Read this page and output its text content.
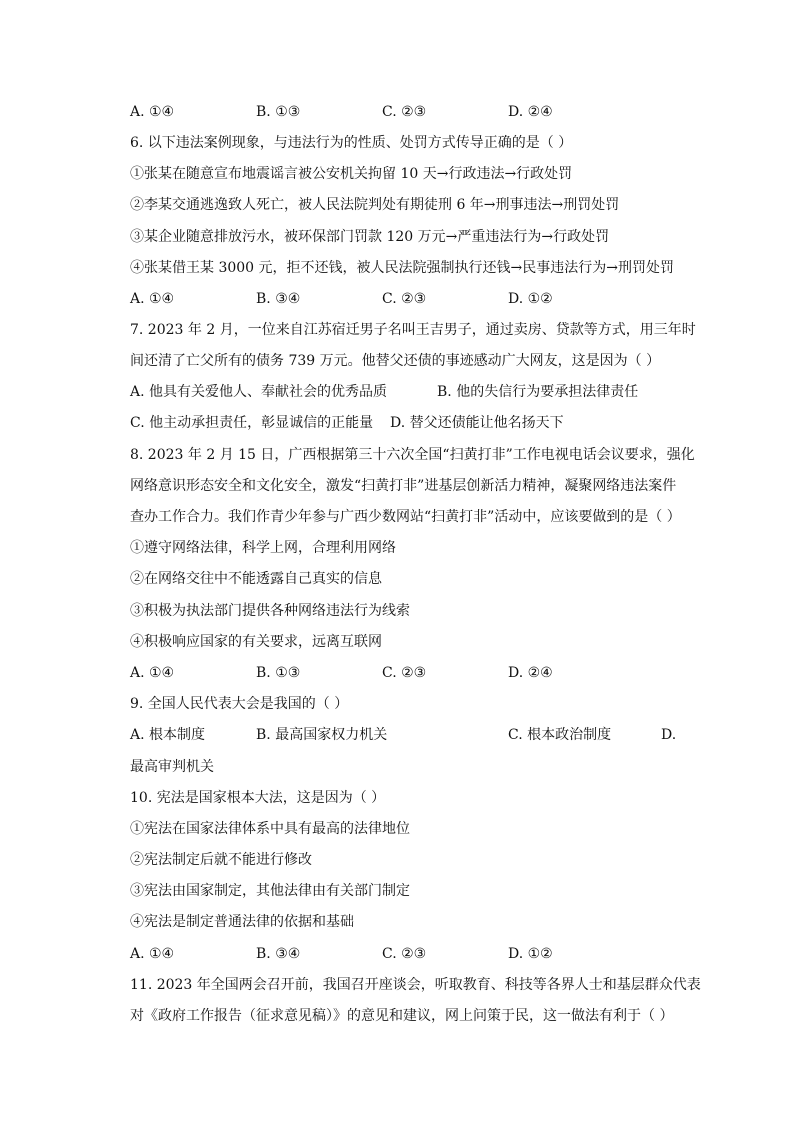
A. ①④	B. ①③	C. ②③	D. ②④
6. 以下违法案例现象，与违法行为的性质、处罚方式传导正确的是（ ）
①张某在随意宣布地震谣言被公安机关拘留 10 天→行政违法→行政处罚
②李某交通逃逸致人死亡，被人民法院判处有期徒刑 6 年→刑事违法→刑罚处罚
③某企业随意排放污水，被环保部门罚款 120 万元→严重违法行为→行政处罚
④张某借王某 3000 元，拒不还钱，被人民法院强制执行还钱→民事违法行为→刑罚处罚
A. ①④	B. ③④	C. ②③	D. ①②
7. 2023 年 2 月，一位来自江苏宿迁男子名叫王吉男子，通过卖房、贷款等方式，用三年时
间还清了亡父所有的债务 739 万元。他替父还债的事迹感动广大网友，这是因为（ ）
A. 他具有关爱他人、奉献社会的优秀品质	B. 他的失信行为要承担法律责任
C. 他主动承担责任，彰显诚信的正能量 D. 替父还债能让他名扬天下
8. 2023 年 2 月 15 日，广西根据第三十六次全国“扫黄打非”工作电视电话会议要求，强化
网络意识形态安全和文化安全，激发“扫黄打非”进基层创新活力精神，凝聚网络违法案件
查办工作合力。我们作青少年参与广西少数网站“扫黄打非”活动中，应该要做到的是（ ）
①遵守网络法律，科学上网，合理利用网络
②在网络交往中不能透露自己真实的信息
③积极为执法部门提供各种网络违法行为线索
④积极响应国家的有关要求，远离互联网
A. ①④	B. ①③	C. ②③	D. ②④
9. 全国人民代表大会是我国的（ ）
A. 根本制度	B. 最高国家权力机关	C. 根本政治制度	D.
最高审判机关
10. 宪法是国家根本大法，这是因为（ ）
①宪法在国家法律体系中具有最高的法律地位
②宪法制定后就不能进行修改
③宪法由国家制定，其他法律由有关部门制定
④宪法是制定普通法律的依据和基础
A. ①④	B. ③④	C. ②③	D. ①②
11. 2023 年全国两会召开前，我国召开座谈会，听取教育、科技等各界人士和基层群众代表
对《政府工作报告（征求意见稿）》的意见和建议，网上问策于民，这一做法有利于（ ）
